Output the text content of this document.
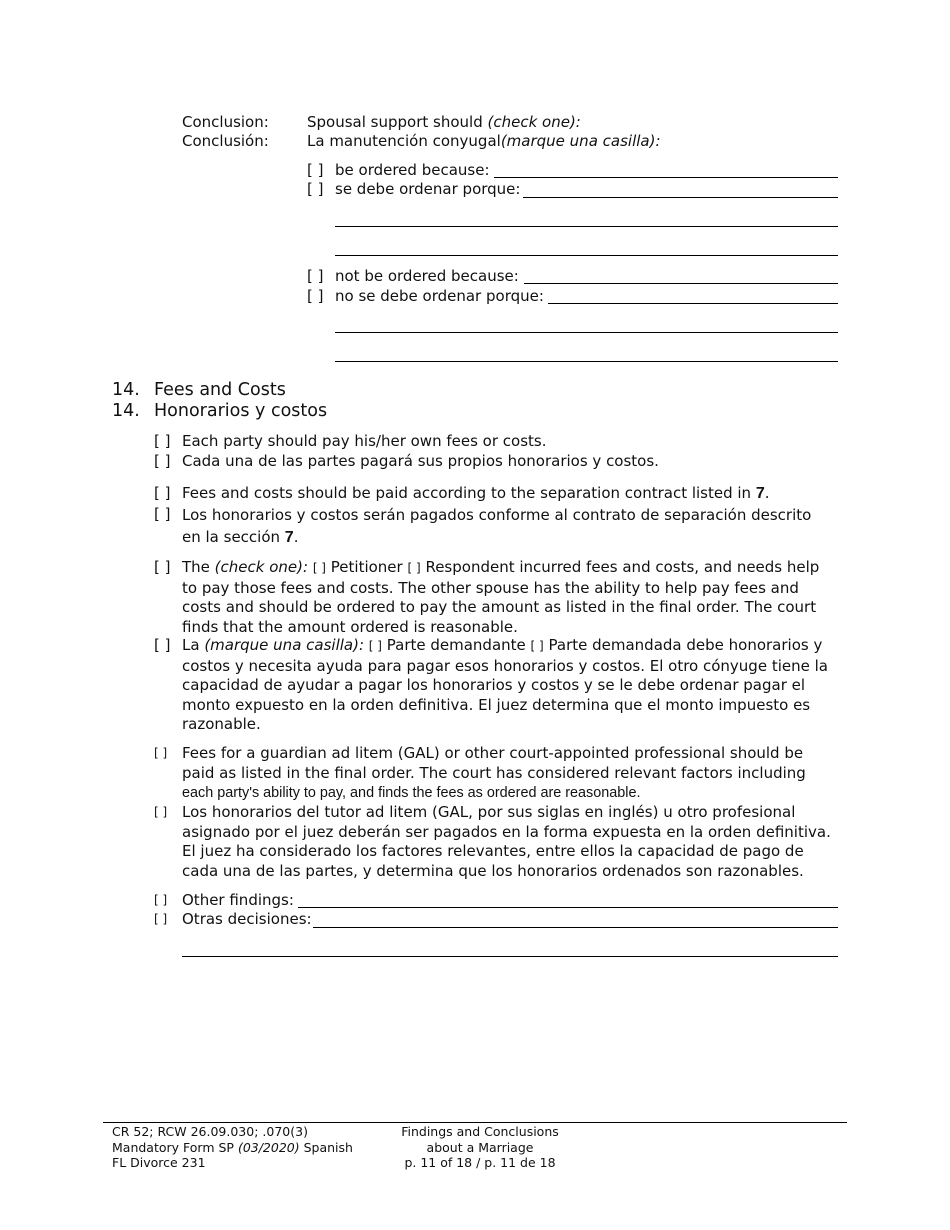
Conclusion:
Conclusión:
Spousal support should (check one):
La manutención conyugal(marque una casilla):
[ ] be ordered because:
[ ] se debe ordenar porque:
[ ] not be ordered because:
[ ] no se debe ordenar porque:
14. Fees and Costs
14. Honorarios y costos
[ ] Each party should pay his/her own fees or costs.
[ ] Cada una de las partes pagará sus propios honorarios y costos.
[ ] Fees and costs should be paid according to the separation contract listed in 7.
[ ] Los honorarios y costos serán pagados conforme al contrato de separación descrito en la sección 7.
[ ] The (check one): [ ] Petitioner [ ] Respondent incurred fees and costs, and needs help to pay those fees and costs. The other spouse has the ability to help pay fees and costs and should be ordered to pay the amount as listed in the final order. The court finds that the amount ordered is reasonable.
[ ] La (marque una casilla): [ ] Parte demandante [ ] Parte demandada debe honorarios y costos y necesita ayuda para pagar esos honorarios y costos. El otro cónyuge tiene la capacidad de ayudar a pagar los honorarios y costos y se le debe ordenar pagar el monto expuesto en la orden definitiva. El juez determina que el monto impuesto es razonable.
[ ] Fees for a guardian ad litem (GAL) or other court-appointed professional should be paid as listed in the final order. The court has considered relevant factors including
each party's ability to pay, and finds the fees as ordered are reasonable.
[ ] Los honorarios del tutor ad litem (GAL, por sus siglas en inglés) u otro profesional asignado por el juez deberán ser pagados en la forma expuesta en la orden definitiva. El juez ha considerado los factores relevantes, entre ellos la capacidad de pago de cada una de las partes, y determina que los honorarios ordenados son razonables.
[ ] Other findings:
[ ] Otras decisiones:
CR 52; RCW 26.09.030; .070(3)
Mandatory Form SP (03/2020) Spanish
FL Divorce 231
Findings and Conclusions
about a Marriage
p. 11 of 18 / p. 11 de 18
